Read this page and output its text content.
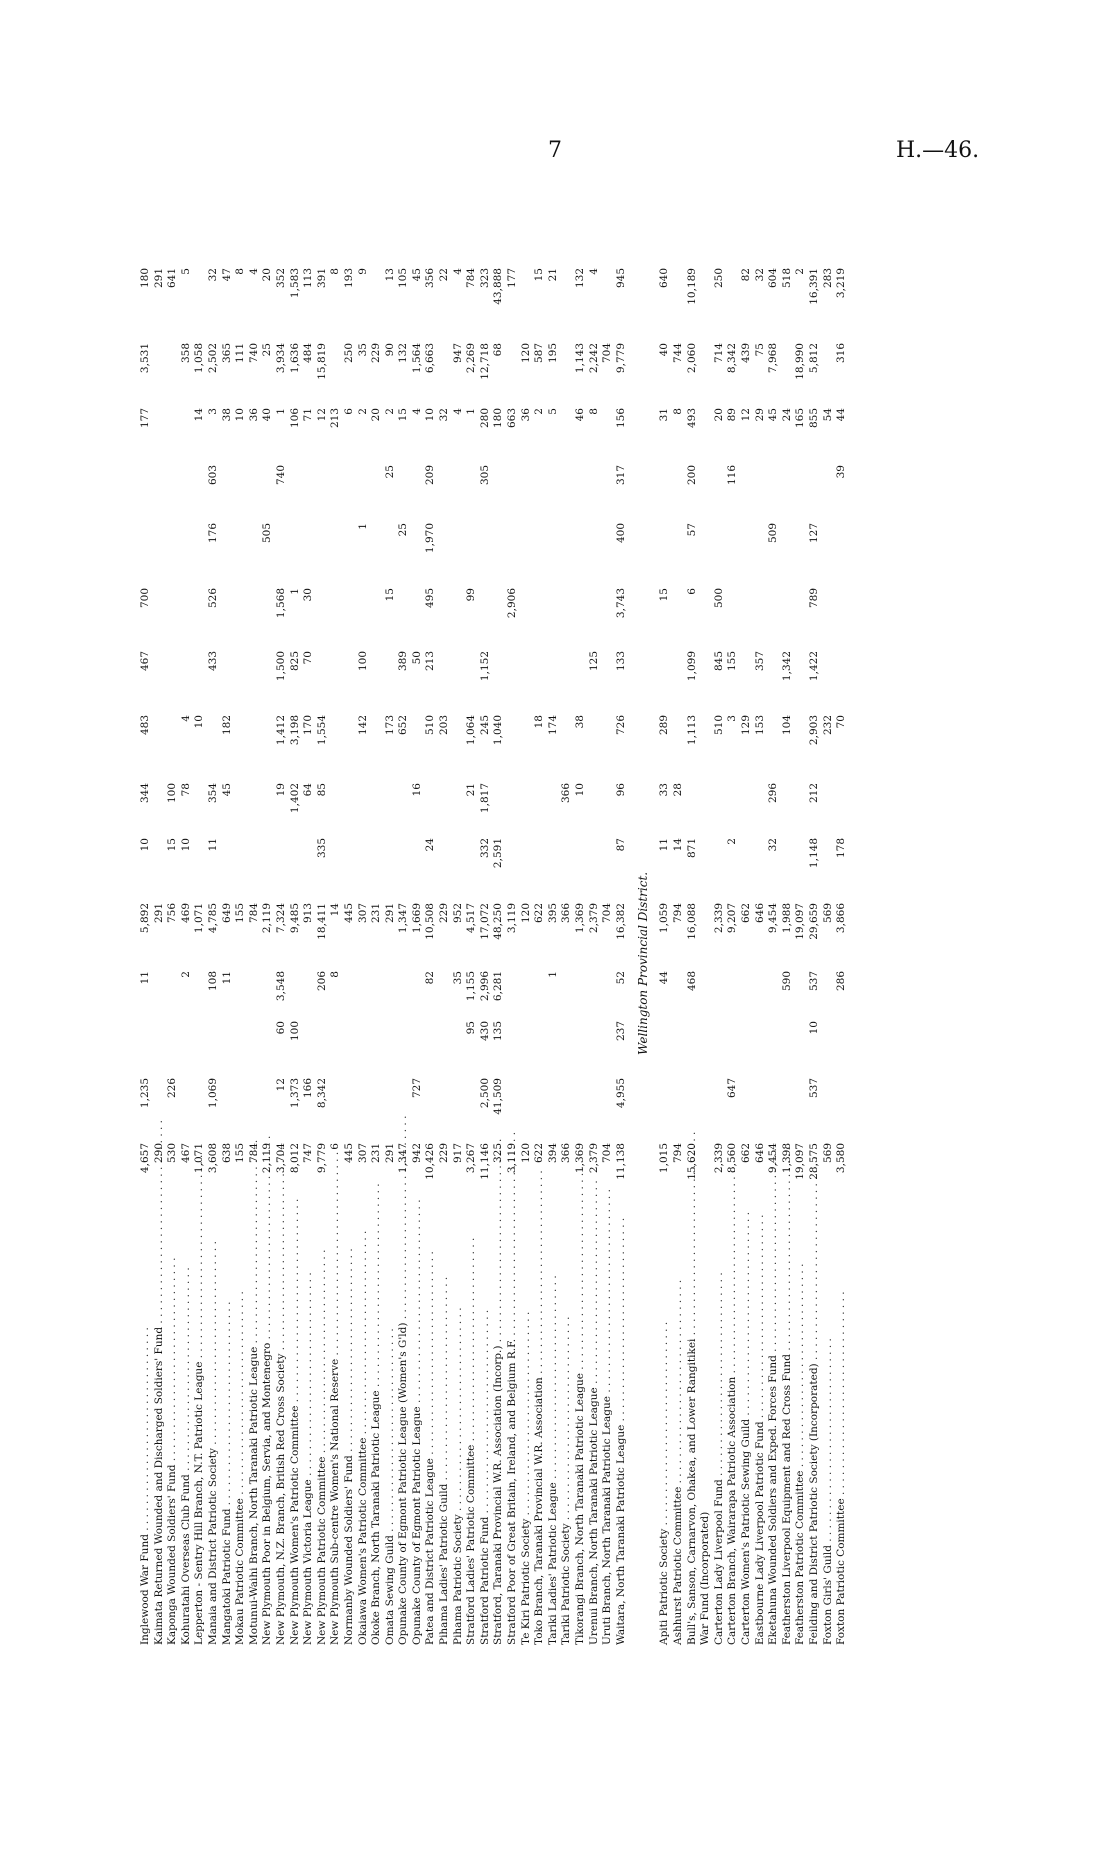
7	H.—46.
Inglewood War Fund . . .
4,657
1,235
11
5,892
10
344
483
467
700
177
3,531
180
Kaimata Returned Wounded and Discharged Soldiers' Fund . . .
290
291
291
Kaponga Wounded Soldiers' Fund . . .
530
226
756
15
100
641
Kohuratahi Overseas Club Fund . . .
467
2
469
10
78
4
358
5
Lepperton - Sentry Hill Branch, N.T. Patriotic League . . .
1,071
1,071
10
14
1,058
Manaia and District Patriotic Society . . .
3,608
1,069
108
4,785
11
354
433
526
176
603
3
2,502
32
Mangatoki Patriotic Fund . . .
638
11
649
45
182
38
365
47
Mokau Patriotic Committee . . .
155
155
10
111
8
Motunui-Waihi Branch, North Taranaki Patriotic League . . .
784
784
36
740
4
New Plymouth Poor in Belgium, Servia, and Montenegro . . .
2,119
2,119
505
40
25
20
New Plymouth, N.Z. Branch, British Red Cross Society . . .
3,704
12
60
3,548
7,324
19
1,412
1,500
1,568
740
1
3,934
352
New Plymouth Women's Patriotic Committee . . .
8,012
1,373
100
9,485
1,402
3,198
825
1
106
1,636
1,583
New Plymouth Victoria League . . .
747
166
913
64
170
70
30
71
484
113
New Plymouth Patriotic Committee . . .
9,779
8,342
206
18,411
335
85
1,554
12
15,819
391
New Plymouth Sub-centre Women's National Reserve . . .
6
8
14
213
8
Normanby Wounded Soldiers' Fund . . .
445
445
6
250
193
Okaiawa Women's Patriotic Committee . . .
307
307
142
100
1
2
35
9
Okoke Branch, North Taranaki Patriotic League . . .
231
231
20
229
Omata Sewing Guild . . .
291
291
173
15
25
2
90
13
Opunake County of Egmont Patriotic League (Women's G'ld) . . .
1,347
1,347
652
389
25
15
132
105
Opunake County of Egmont Patriotic League . . .
942
727
1,669
16
50
4
1,564
45
Patea and District Patriotic League . . .
10,426
82
10,508
24
510
213
495
1,970
209
10
6,663
356
Pihama Ladies' Patriotic Guild . . .
229
229
203
32
22
Pihama Patriotic Society . . .
917
35
952
4
947
4
Stratford Ladies' Patriotic Committee . . .
3,267
95
1,155
4,517
21
1,064
99
1
2,269
784
Stratford Patriotic Fund . . .
11,146
2,500
430
2,996
17,072
332
1,817
245
1,152
305
280
12,718
323
Stratford, Taranaki Provincial W.R. Association (Incorp.) . . .
325
41,509
135
6,281
48,250
2,591
1,040
180
68
43,888
Stratford Poor of Great Britain, Ireland, and Belgium R.F. . . .
3,119
3,119
2,906
663
177
Te Kiri Patriotic Society . . .
120
120
36
120
Toko Branch, Taranaki Provincial W.R. Association . . .
622
622
18
2
587
15
Tariki Ladies' Patriotic League . . .
394
1
395
174
5
195
21
Tariki Patriotic Society . . .
366
366
366
Tikorangi Branch, North Taranaki Patriotic League . . .
1,369
1,369
10
38
46
1,143
132
Urenui Branch, North Taranaki Patriotic League . . .
2,379
2,379
125
8
2,242
4
Uruti Branch, North Taranaki Patriotic League . . .
704
704
704
Waitara, North Taranaki Patriotic League . . .
11,138
4,955
237
52
16,382
87
96
726
133
3,743
400
317
156
9,779
945
Wellington Provincial District.
Apiti Patriotic Society . . .
1,015
44
1,059
11
33
289
15
31
40
640
Ashhurst Patriotic Committee . . .
794
794
14
28
8
744
Bull's, Sanson, Carnarvon, Ohakea, and Lower Rangitikei . . .
15,620
468
16,088
871
1,113
1,099
6
57
200
493
2,060
10,189
War Fund (Incorporated) Carterton Lady Liverpool Fund . . .
2,339
2,339
510
845
500
20
714
250
Carterton Branch, Wairarapa Patriotic Association . . .
8,560
647
9,207
2
3
155
116
89
8,342
Carterton Women's Patriotic Sewing Guild . . .
662
662
129
12
439
82
Eastbourne Lady Liverpool Patriotic Fund . . .
646
646
153
357
29
75
32
Eketahuna Wounded Soldiers and Exped. Forces Fund . . .
9,454
9,454
32
296
509
45
7,968
604
Featherston Liverpool Equipment and Red Cross Fund . . .
1,398
590
1,988
104
1,342
24
518
Featherston Patriotic Committee . . .
19,097
19,097
165
18,990
2
Feilding and District Patriotic Society (Incorporated) . . .
28,575
537
10
537
29,659
1,148
212
2,903
1,422
789
127
855
5,812
16,391
Foxton Girls' Guild . . .
569
569
232
54
283
Foxton Patriotic Committee . . .
3,580
286
3,866
178
70
39
44
316
3,219
